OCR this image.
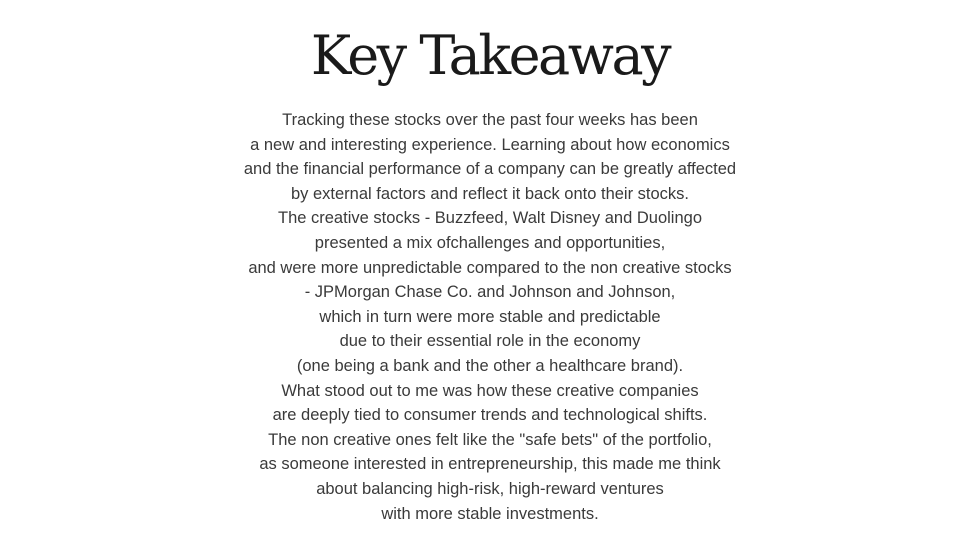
Key Takeaway
Tracking these stocks over the past four weeks has been
a new and interesting experience. Learning about how economics
and the financial performance of a company can be greatly affected
by external factors and reflect it back onto their stocks.
The creative stocks - Buzzfeed, Walt Disney and Duolingo
presented a mix ofchallenges and opportunities,
and were more unpredictable compared to the non creative stocks
- JPMorgan Chase Co. and Johnson and Johnson,
which in turn were more stable and predictable
due to their essential role in the economy
(one being a bank and the other a healthcare brand).
What stood out to me was how these creative companies
are deeply tied to consumer trends and technological shifts.
The non creative ones felt like the "safe bets" of the portfolio,
as someone interested in entrepreneurship, this made me think
about balancing high-risk, high-reward ventures
with more stable investments.
